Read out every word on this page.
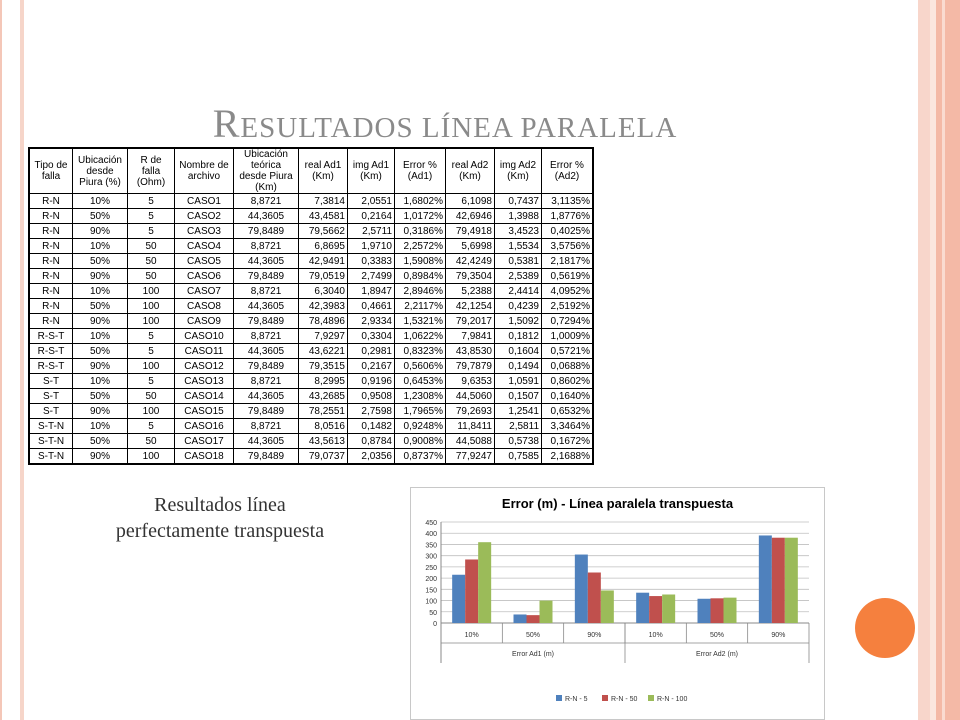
RESULTADOS LÍNEA PARALELA
Tipo de falla	Ubicación desde Piura (%)	R de falla (Ohm)	Nombre de archivo	Ubicación teórica desde Piura (Km)	real Ad1 (Km)	img Ad1 (Km)	Error % (Ad1)	real Ad2 (Km)	img Ad2 (Km)	Error % (Ad2)
R-N	10%	5	CASO1	8,8721	7,3814	2,0551	1,6802%	6,1098	0,7437	3,1135%
R-N	50%	5	CASO2	44,3605	43,4581	0,2164	1,0172%	42,6946	1,3988	1,8776%
R-N	90%	5	CASO3	79,8489	79,5662	2,5711	0,3186%	79,4918	3,4523	0,4025%
R-N	10%	50	CASO4	8,8721	6,8695	1,9710	2,2572%	5,6998	1,5534	3,5756%
R-N	50%	50	CASO5	44,3605	42,9491	0,3383	1,5908%	42,4249	0,5381	2,1817%
R-N	90%	50	CASO6	79,8489	79,0519	2,7499	0,8984%	79,3504	2,5389	0,5619%
R-N	10%	100	CASO7	8,8721	6,3040	1,8947	2,8946%	5,2388	2,4414	4,0952%
R-N	50%	100	CASO8	44,3605	42,3983	0,4661	2,2117%	42,1254	0,4239	2,5192%
R-N	90%	100	CASO9	79,8489	78,4896	2,9334	1,5321%	79,2017	1,5092	0,7294%
R-S-T	10%	5	CASO10	8,8721	7,9297	0,3304	1,0622%	7,9841	0,1812	1,0009%
R-S-T	50%	5	CASO11	44,3605	43,6221	0,2981	0,8323%	43,8530	0,1604	0,5721%
R-S-T	90%	100	CASO12	79,8489	79,3515	0,2167	0,5606%	79,7879	0,1494	0,0688%
S-T	10%	5	CASO13	8,8721	8,2995	0,9196	0,6453%	9,6353	1,0591	0,8602%
S-T	50%	50	CASO14	44,3605	43,2685	0,9508	1,2308%	44,5060	0,1507	0,1640%
S-T	90%	100	CASO15	79,8489	78,2551	2,7598	1,7965%	79,2693	1,2541	0,6532%
S-T-N	10%	5	CASO16	8,8721	8,0516	0,1482	0,9248%	11,8411	2,5811	3,3464%
S-T-N	50%	50	CASO17	44,3605	43,5613	0,8784	0,9008%	44,5088	0,5738	0,1672%
S-T-N	90%	100	CASO18	79,8489	79,0737	2,0356	0,8737%	77,9247	0,7585	2,1688%
Resultados línea
perfectamente transpuesta
Error (m) - Línea paralela transpuesta
0
50
100
150
200
250
300
350
400
450
10%	50%	90%	10%	50%	90%
Error Ad1 (m)	Error Ad2 (m)
R-N - 5	R-N - 50	R-N - 100
